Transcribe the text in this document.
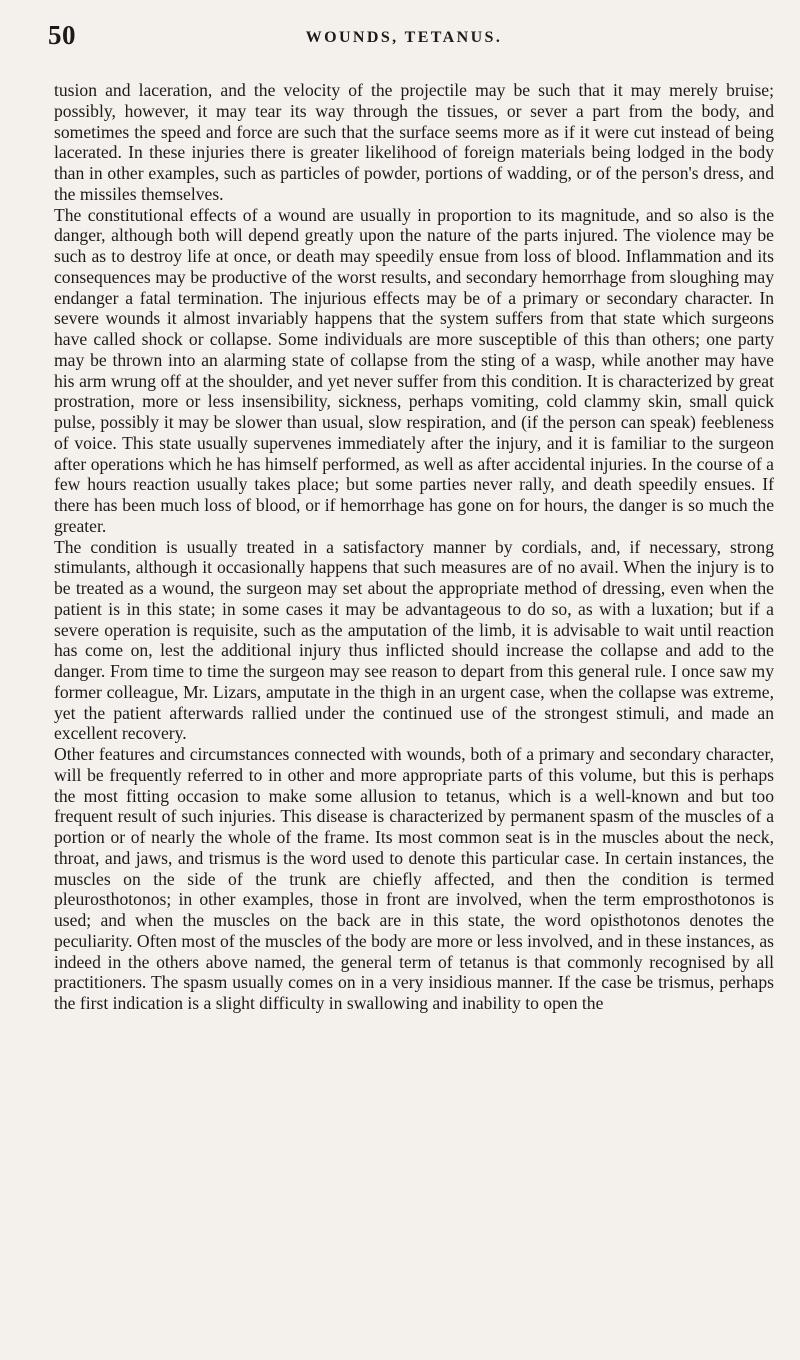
50	WOUNDS, TETANUS.

tusion and laceration, and the velocity of the projectile may be such that it may merely bruise; possibly, however, it may tear its way through the tissues, or sever a part from the body, and sometimes the speed and force are such that the surface seems more as if it were cut instead of being lacerated. In these injuries there is greater likelihood of foreign materials being lodged in the body than in other examples, such as particles of powder, portions of wadding, or of the person's dress, and the missiles themselves.

The constitutional effects of a wound are usually in proportion to its magnitude, and so also is the danger, although both will depend greatly upon the nature of the parts injured. The violence may be such as to destroy life at once, or death may speedily ensue from loss of blood. Inflammation and its consequences may be productive of the worst results, and secondary hemorrhage from sloughing may endanger a fatal termination. The injurious effects may be of a primary or secondary character. In severe wounds it almost invariably happens that the system suffers from that state which surgeons have called shock or collapse. Some individuals are more susceptible of this than others; one party may be thrown into an alarming state of collapse from the sting of a wasp, while another may have his arm wrung off at the shoulder, and yet never suffer from this condition. It is characterized by great prostration, more or less insensibility, sickness, perhaps vomiting, cold clammy skin, small quick pulse, possibly it may be slower than usual, slow respiration, and (if the person can speak) feebleness of voice. This state usually supervenes immediately after the injury, and it is familiar to the surgeon after operations which he has himself performed, as well as after accidental injuries. In the course of a few hours reaction usually takes place; but some parties never rally, and death speedily ensues. If there has been much loss of blood, or if hemorrhage has gone on for hours, the danger is so much the greater.

The condition is usually treated in a satisfactory manner by cordials, and, if necessary, strong stimulants, although it occasionally happens that such measures are of no avail. When the injury is to be treated as a wound, the surgeon may set about the appropriate method of dressing, even when the patient is in this state; in some cases it may be advantageous to do so, as with a luxation; but if a severe operation is requisite, such as the amputation of the limb, it is advisable to wait until reaction has come on, lest the additional injury thus inflicted should increase the collapse and add to the danger. From time to time the surgeon may see reason to depart from this general rule. I once saw my former colleague, Mr. Lizars, amputate in the thigh in an urgent case, when the collapse was extreme, yet the patient afterwards rallied under the continued use of the strongest stimuli, and made an excellent recovery.

Other features and circumstances connected with wounds, both of a primary and secondary character, will be frequently referred to in other and more appropriate parts of this volume, but this is perhaps the most fitting occasion to make some allusion to tetanus, which is a well-known and but too frequent result of such injuries. This disease is characterized by permanent spasm of the muscles of a portion or of nearly the whole of the frame. Its most common seat is in the muscles about the neck, throat, and jaws, and trismus is the word used to denote this particular case. In certain instances, the muscles on the side of the trunk are chiefly affected, and then the condition is termed pleurosthotonos; in other examples, those in front are involved, when the term emprosthotonos is used; and when the muscles on the back are in this state, the word opisthotonos denotes the peculiarity. Often most of the muscles of the body are more or less involved, and in these instances, as indeed in the others above named, the general term of tetanus is that commonly recognised by all practitioners. The spasm usually comes on in a very insidious manner. If the case be trismus, perhaps the first indication is a slight difficulty in swallowing and inability to open the
